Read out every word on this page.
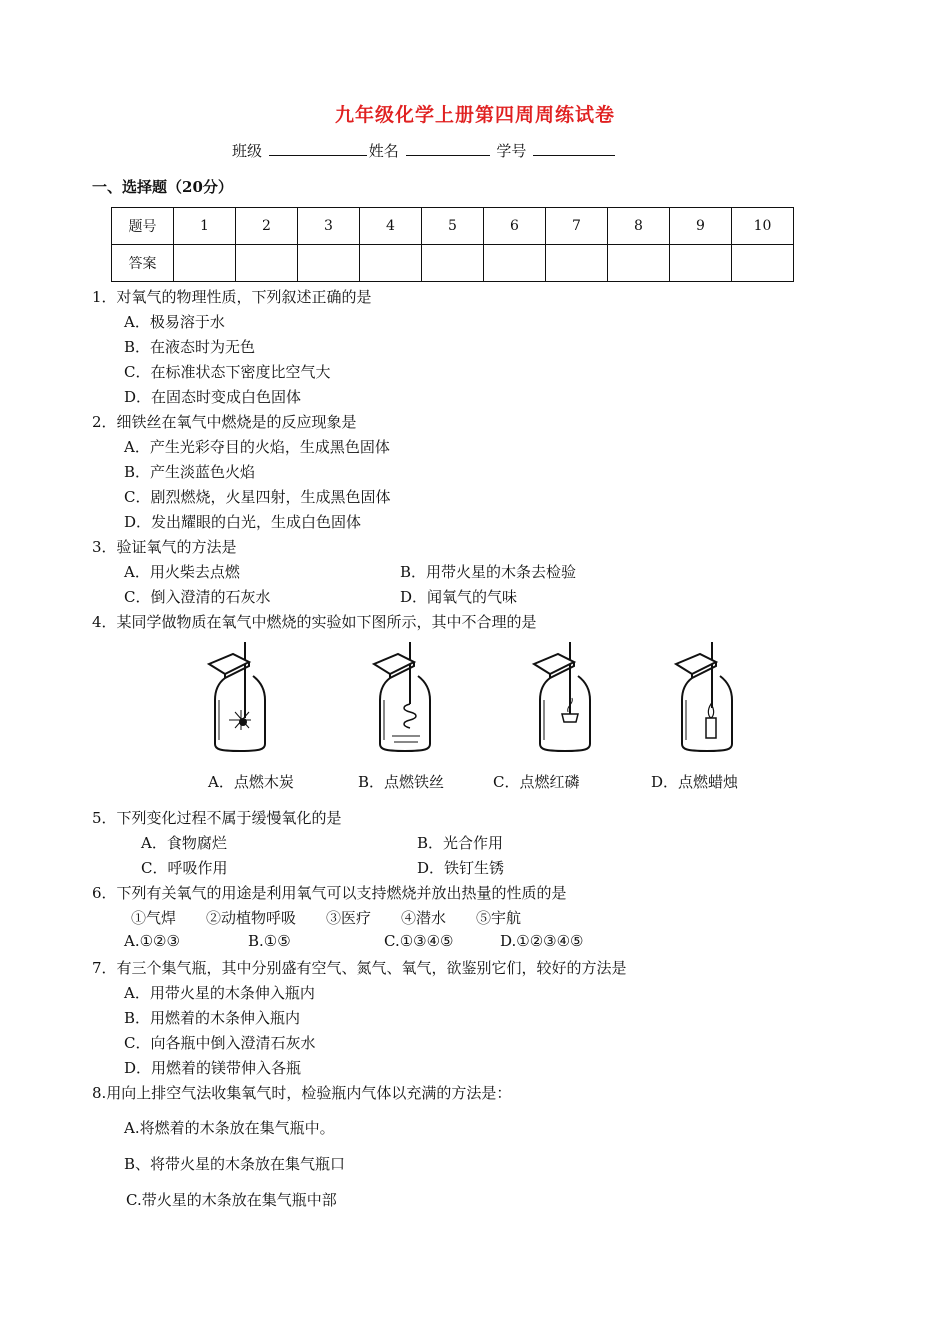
九年级化学上册第四周周练试卷
班级	姓名	学号
一、选择题（20分）
题号	1	2	3	4	5	6	7	8	9	10
答案										
1．对氧气的物理性质，下列叙述正确的是
A．极易溶于水
B．在液态时为无色
C．在标准状态下密度比空气大
D．在固态时变成白色固体
2．细铁丝在氧气中燃烧是的反应现象是
A．产生光彩夺目的火焰，生成黑色固体
B．产生淡蓝色火焰
C．剧烈燃烧，火星四射，生成黑色固体
D．发出耀眼的白光，生成白色固体
3．验证氧气的方法是
A．用火柴去点燃	B．用带火星的木条去检验
C．倒入澄清的石灰水	D．闻氧气的气味
4．某同学做物质在氧气中燃烧的实验如下图所示，其中不合理的是
A．点燃木炭	B．点燃铁丝	C．点燃红磷	D．点燃蜡烛
5．下列变化过程不属于缓慢氧化的是
A．食物腐烂	B．光合作用
C．呼吸作用	D．铁钉生锈
6．下列有关氧气的用途是利用氧气可以支持燃烧并放出热量的性质的是
①气焊　　②动植物呼吸　　③医疗　　④潜水　　⑤宇航
A.①②③	B.①⑤	C.①③④⑤	D.①②③④⑤
7．有三个集气瓶，其中分别盛有空气、氮气、氧气，欲鉴别它们，较好的方法是
A．用带火星的木条伸入瓶内
B．用燃着的木条伸入瓶内
C．向各瓶中倒入澄清石灰水
D．用燃着的镁带伸入各瓶
8.用向上排空气法收集氧气时，检验瓶内气体以充满的方法是：
A.将燃着的木条放在集气瓶中。
B、将带火星的木条放在集气瓶口
C.带火星的木条放在集气瓶中部
